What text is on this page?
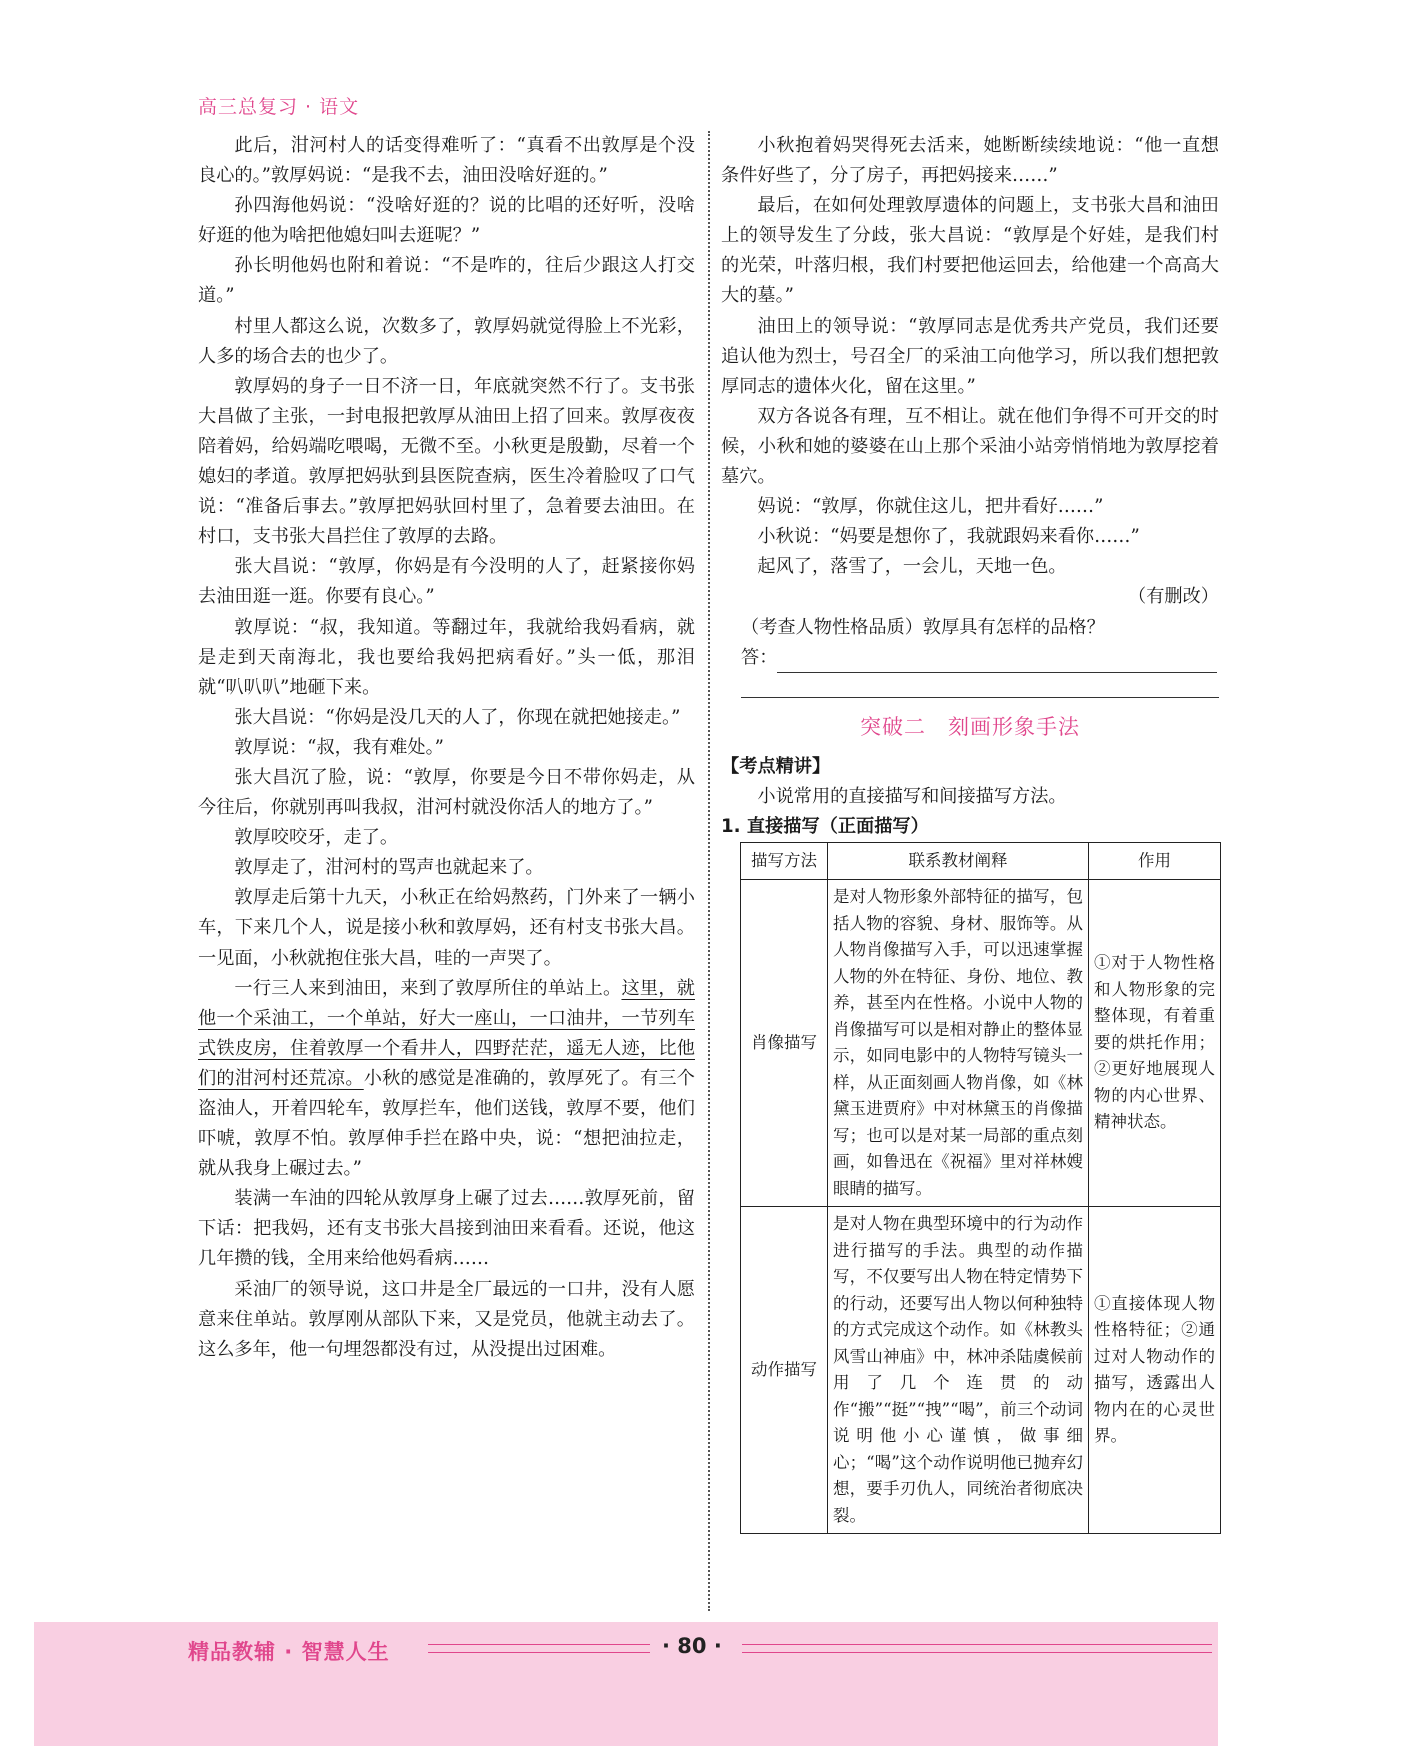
高三总复习 · 语文

此后，泔河村人的话变得难听了：“真看不出敦厚是个没良心的。”敦厚妈说：“是我不去，油田没啥好逛的。”

孙四海他妈说：“没啥好逛的？说的比唱的还好听，没啥好逛的他为啥把他媳妇叫去逛呢？”

孙长明他妈也附和着说：“不是咋的，往后少跟这人打交道。”

村里人都这么说，次数多了，敦厚妈就觉得脸上不光彩，人多的场合去的也少了。

敦厚妈的身子一日不济一日，年底就突然不行了。支书张大昌做了主张，一封电报把敦厚从油田上招了回来。敦厚夜夜陪着妈，给妈端吃喂喝，无微不至。小秋更是殷勤，尽着一个媳妇的孝道。敦厚把妈驮到县医院查病，医生冷着脸叹了口气说：“准备后事去。”敦厚把妈驮回村里了，急着要去油田。在村口，支书张大昌拦住了敦厚的去路。

张大昌说：“敦厚，你妈是有今没明的人了，赶紧接你妈去油田逛一逛。你要有良心。”

敦厚说：“叔，我知道。等翻过年，我就给我妈看病，就是走到天南海北，我也要给我妈把病看好。”头一低，那泪就“叭叭叭”地砸下来。

张大昌说：“你妈是没几天的人了，你现在就把她接走。”

敦厚说：“叔，我有难处。”

张大昌沉了脸，说：“敦厚，你要是今日不带你妈走，从今往后，你就别再叫我叔，泔河村就没你活人的地方了。”

敦厚咬咬牙，走了。

敦厚走了，泔河村的骂声也就起来了。

敦厚走后第十九天，小秋正在给妈熬药，门外来了一辆小车，下来几个人，说是接小秋和敦厚妈，还有村支书张大昌。一见面，小秋就抱住张大昌，哇的一声哭了。

一行三人来到油田，来到了敦厚所住的单站上。这里，就他一个采油工，一个单站，好大一座山，一口油井，一节列车式铁皮房，住着敦厚一个看井人，四野茫茫，遥无人迹，比他们的泔河村还荒凉。小秋的感觉是准确的，敦厚死了。有三个盗油人，开着四轮车，敦厚拦车，他们送钱，敦厚不要，他们吓唬，敦厚不怕。敦厚伸手拦在路中央，说：“想把油拉走，就从我身上碾过去。”

装满一车油的四轮从敦厚身上碾了过去……敦厚死前，留下话：把我妈，还有支书张大昌接到油田来看看。还说，他这几年攒的钱，全用来给他妈看病……

采油厂的领导说，这口井是全厂最远的一口井，没有人愿意来住单站。敦厚刚从部队下来，又是党员，他就主动去了。这么多年，他一句埋怨都没有过，从没提出过困难。

小秋抱着妈哭得死去活来，她断断续续地说：“他一直想条件好些了，分了房子，再把妈接来……”

最后，在如何处理敦厚遗体的问题上，支书张大昌和油田上的领导发生了分歧，张大昌说：“敦厚是个好娃，是我们村的光荣，叶落归根，我们村要把他运回去，给他建一个高高大大的墓。”

油田上的领导说：“敦厚同志是优秀共产党员，我们还要追认他为烈士，号召全厂的采油工向他学习，所以我们想把敦厚同志的遗体火化，留在这里。”

双方各说各有理，互不相让。就在他们争得不可开交的时候，小秋和她的婆婆在山上那个采油小站旁悄悄地为敦厚挖着墓穴。

妈说：“敦厚，你就住这儿，把井看好……”

小秋说：“妈要是想你了，我就跟妈来看你……”

起风了，落雪了，一会儿，天地一色。

（有删改）

（考查人物性格品质）敦厚具有怎样的品格？

答：

突破二　刻画形象手法

【考点精讲】

小说常用的直接描写和间接描写方法。

1. 直接描写（正面描写）

描写方法	联系教材阐释	作用
肖像描写	是对人物形象外部特征的描写，包括人物的容貌、身材、服饰等。从人物肖像描写入手，可以迅速掌握人物的外在特征、身份、地位、教养，甚至内在性格。小说中人物的肖像描写可以是相对静止的整体显示，如同电影中的人物特写镜头一样，从正面刻画人物肖像，如《林黛玉进贾府》中对林黛玉的肖像描写；也可以是对某一局部的重点刻画，如鲁迅在《祝福》里对祥林嫂眼睛的描写。	①对于人物性格和人物形象的完整体现，有着重要的烘托作用；②更好地展现人物的内心世界、精神状态。
动作描写	是对人物在典型环境中的行为动作进行描写的手法。典型的动作描写，不仅要写出人物在特定情势下的行动，还要写出人物以何种独特的方式完成这个动作。如《林教头风雪山神庙》中，林冲杀陆虞候前用了几个连贯的动作“搬”“挺”“拽”“喝”，前三个动词说明他小心谨慎，做事细心；“喝”这个动作说明他已抛弃幻想，要手刃仇人，同统治者彻底决裂。	①直接体现人物性格特征；②通过对人物动作的描写，透露出人物内在的心灵世界。
精品教辅 · 智慧人生	· 80 ·
